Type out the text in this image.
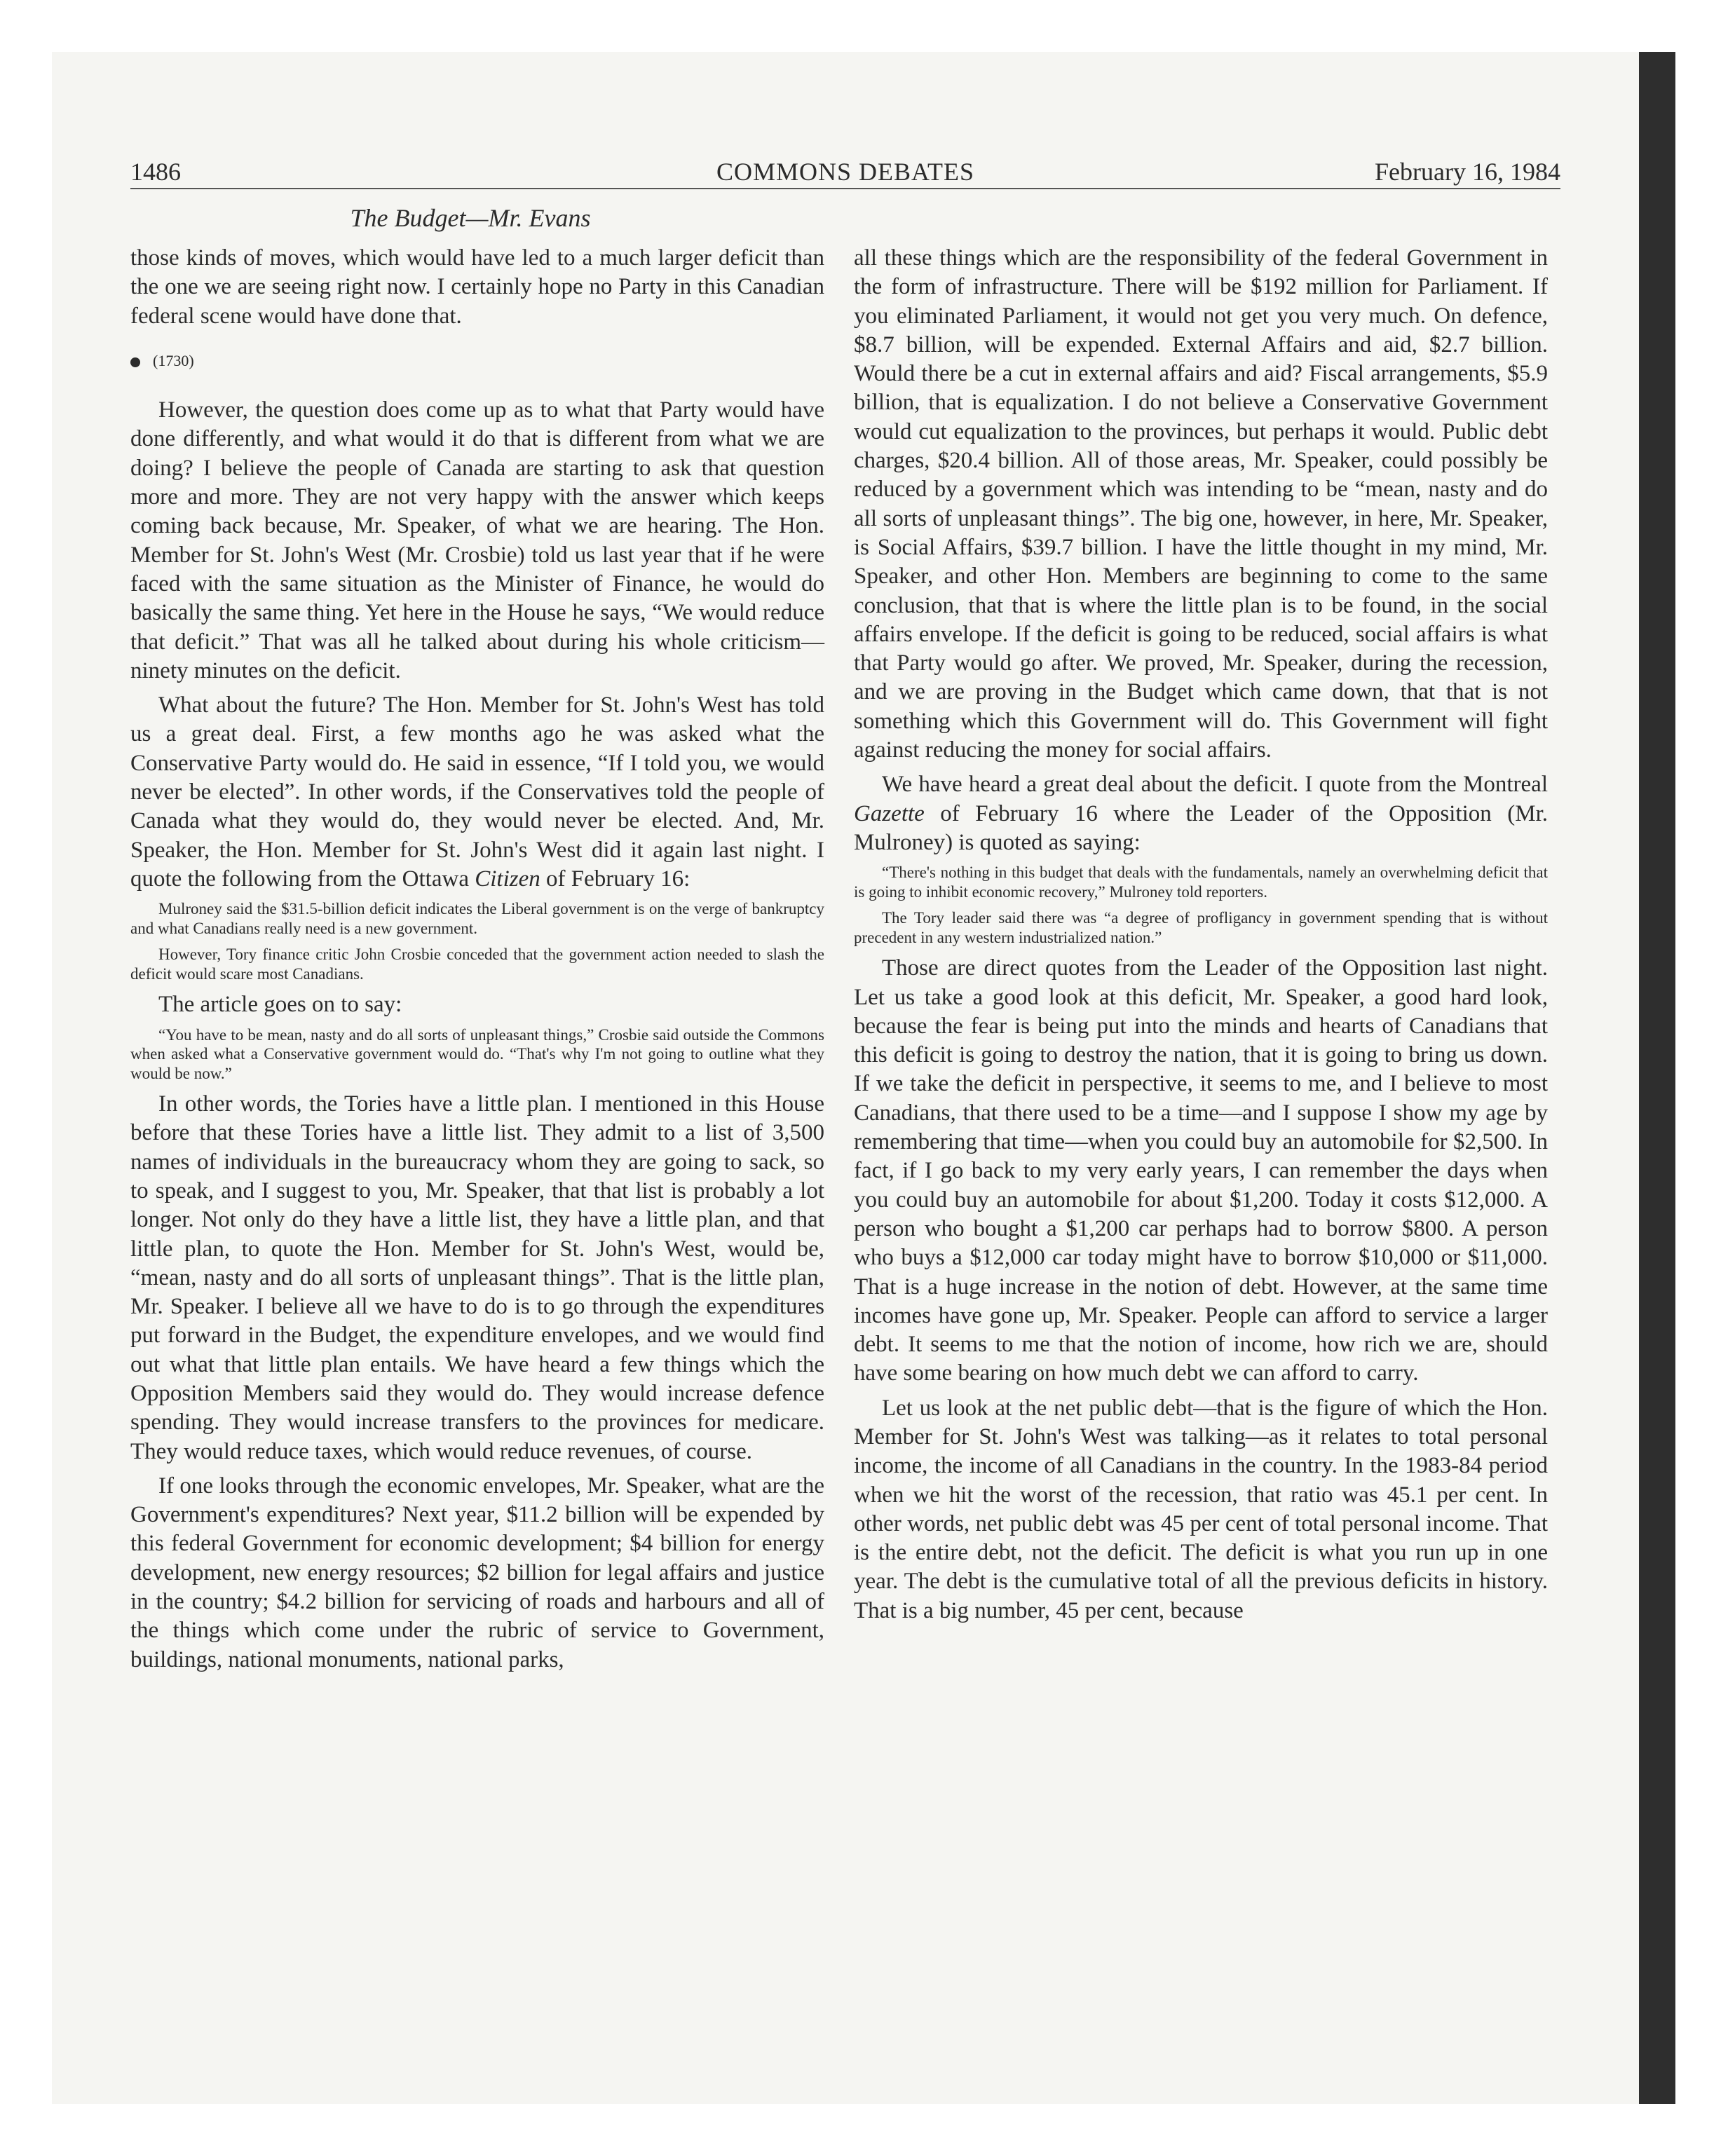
1486	COMMONS DEBATES	February 16, 1984
The Budget—Mr. Evans

those kinds of moves, which would have led to a much larger deficit than the one we are seeing right now. I certainly hope no Party in this Canadian federal scene would have done that.

(1730)

However, the question does come up as to what that Party would have done differently, and what would it do that is different from what we are doing? I believe the people of Canada are starting to ask that question more and more. They are not very happy with the answer which keeps coming back because, Mr. Speaker, of what we are hearing. The Hon. Member for St. John's West (Mr. Crosbie) told us last year that if he were faced with the same situation as the Minister of Finance, he would do basically the same thing. Yet here in the House he says, “We would reduce that deficit.” That was all he talked about during his whole criticism—ninety minutes on the deficit.

What about the future? The Hon. Member for St. John's West has told us a great deal. First, a few months ago he was asked what the Conservative Party would do. He said in essence, “If I told you, we would never be elected”. In other words, if the Conservatives told the people of Canada what they would do, they would never be elected. And, Mr. Speaker, the Hon. Member for St. John's West did it again last night. I quote the following from the Ottawa Citizen of February 16:

Mulroney said the $31.5-billion deficit indicates the Liberal government is on the verge of bankruptcy and what Canadians really need is a new government.
However, Tory finance critic John Crosbie conceded that the government action needed to slash the deficit would scare most Canadians.

The article goes on to say:

“You have to be mean, nasty and do all sorts of unpleasant things,” Crosbie said outside the Commons when asked what a Conservative government would do. “That's why I'm not going to outline what they would be now.”

In other words, the Tories have a little plan. I mentioned in this House before that these Tories have a little list. They admit to a list of 3,500 names of individuals in the bureaucracy whom they are going to sack, so to speak, and I suggest to you, Mr. Speaker, that that list is probably a lot longer. Not only do they have a little list, they have a little plan, and that little plan, to quote the Hon. Member for St. John's West, would be, “mean, nasty and do all sorts of unpleasant things”. That is the little plan, Mr. Speaker. I believe all we have to do is to go through the expenditures put forward in the Budget, the expenditure envelopes, and we would find out what that little plan entails. We have heard a few things which the Opposition Members said they would do. They would increase defence spending. They would increase transfers to the provinces for medicare. They would reduce taxes, which would reduce revenues, of course.

If one looks through the economic envelopes, Mr. Speaker, what are the Government's expenditures? Next year, $11.2 billion will be expended by this federal Government for economic development; $4 billion for energy development, new energy resources; $2 billion for legal affairs and justice in the country; $4.2 billion for servicing of roads and harbours and all of the things which come under the rubric of service to Government, buildings, national monuments, national parks,

all these things which are the responsibility of the federal Government in the form of infrastructure. There will be $192 million for Parliament. If you eliminated Parliament, it would not get you very much. On defence, $8.7 billion, will be expended. External Affairs and aid, $2.7 billion. Would there be a cut in external affairs and aid? Fiscal arrangements, $5.9 billion, that is equalization. I do not believe a Conservative Government would cut equalization to the provinces, but perhaps it would. Public debt charges, $20.4 billion. All of those areas, Mr. Speaker, could possibly be reduced by a government which was intending to be “mean, nasty and do all sorts of unpleasant things”. The big one, however, in here, Mr. Speaker, is Social Affairs, $39.7 billion. I have the little thought in my mind, Mr. Speaker, and other Hon. Members are beginning to come to the same conclusion, that that is where the little plan is to be found, in the social affairs envelope. If the deficit is going to be reduced, social affairs is what that Party would go after. We proved, Mr. Speaker, during the recession, and we are proving in the Budget which came down, that that is not something which this Government will do. This Government will fight against reducing the money for social affairs.

We have heard a great deal about the deficit. I quote from the Montreal Gazette of February 16 where the Leader of the Opposition (Mr. Mulroney) is quoted as saying:

“There's nothing in this budget that deals with the fundamentals, namely an overwhelming deficit that is going to inhibit economic recovery,” Mulroney told reporters.
The Tory leader said there was “a degree of profligancy in government spending that is without precedent in any western industrialized nation.”

Those are direct quotes from the Leader of the Opposition last night. Let us take a good look at this deficit, Mr. Speaker, a good hard look, because the fear is being put into the minds and hearts of Canadians that this deficit is going to destroy the nation, that it is going to bring us down. If we take the deficit in perspective, it seems to me, and I believe to most Canadians, that there used to be a time—and I suppose I show my age by remembering that time—when you could buy an automobile for $2,500. In fact, if I go back to my very early years, I can remember the days when you could buy an automobile for about $1,200. Today it costs $12,000. A person who bought a $1,200 car perhaps had to borrow $800. A person who buys a $12,000 car today might have to borrow $10,000 or $11,000. That is a huge increase in the notion of debt. However, at the same time incomes have gone up, Mr. Speaker. People can afford to service a larger debt. It seems to me that the notion of income, how rich we are, should have some bearing on how much debt we can afford to carry.

Let us look at the net public debt—that is the figure of which the Hon. Member for St. John's West was talking—as it relates to total personal income, the income of all Canadians in the country. In the 1983-84 period when we hit the worst of the recession, that ratio was 45.1 per cent. In other words, net public debt was 45 per cent of total personal income. That is the entire debt, not the deficit. The deficit is what you run up in one year. The debt is the cumulative total of all the previous deficits in history. That is a big number, 45 per cent, because
